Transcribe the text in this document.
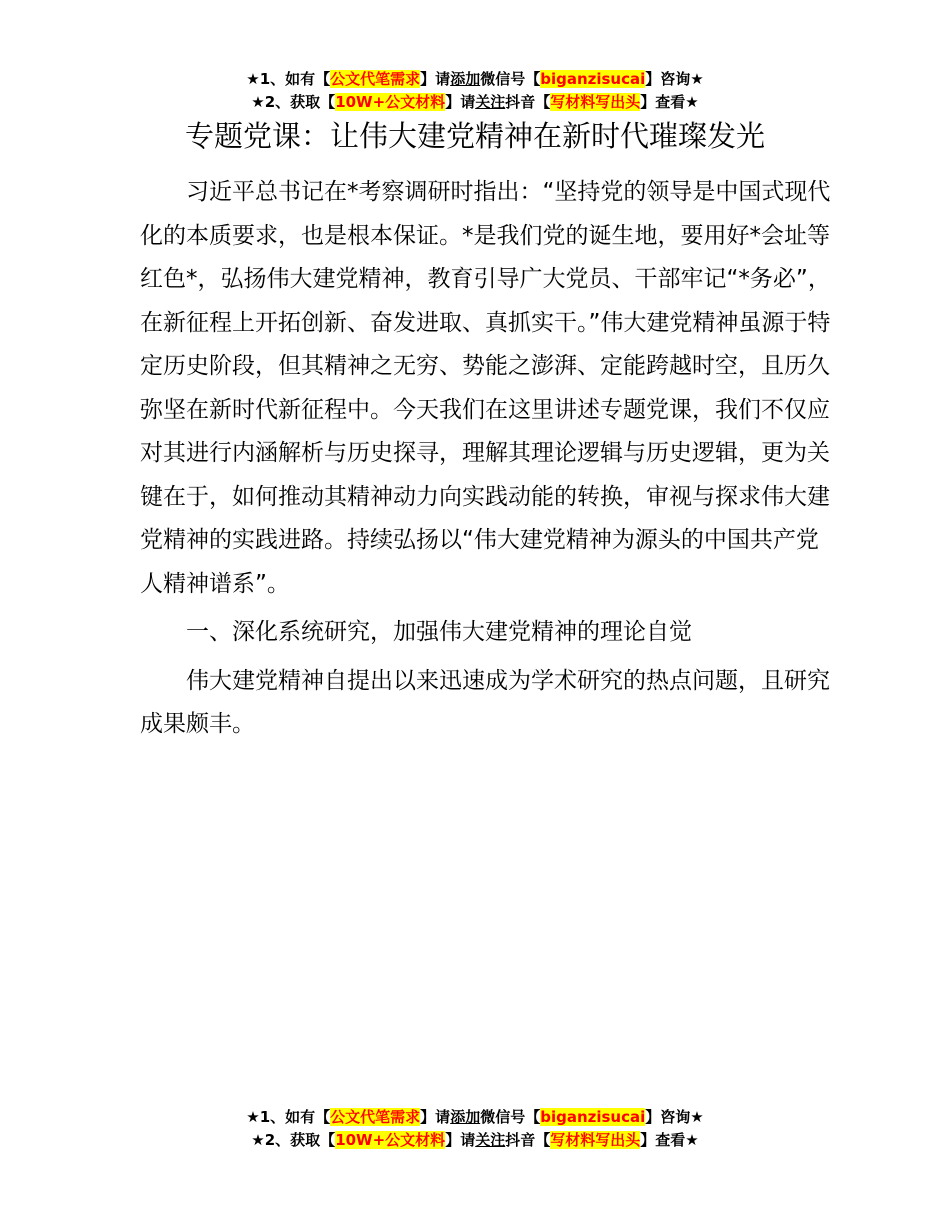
★1、如有【公文代笔需求】请添加微信号【biganzisucai】咨询★
★2、获取【10W+公文材料】请关注抖音【写材料写出头】查看★
专题党课：让伟大建党精神在新时代璀璨发光

习近平总书记在*考察调研时指出：“坚持党的领导是中国式现代化的本质要求，也是根本保证。*是我们党的诞生地，要用好*会址等红色*，弘扬伟大建党精神，教育引导广大党员、干部牢记“*务必”，在新征程上开拓创新、奋发进取、真抓实干。”伟大建党精神虽源于特定历史阶段，但其精神之无穷、势能之澎湃、定能跨越时空，且历久弥坚在新时代新征程中。今天我们在这里讲述专题党课，我们不仅应对其进行内涵解析与历史探寻，理解其理论逻辑与历史逻辑，更为关键在于，如何推动其精神动力向实践动能的转换，审视与探求伟大建党精神的实践进路。持续弘扬以“伟大建党精神为源头的中国共产党人精神谱系”。

一、深化系统研究，加强伟大建党精神的理论自觉

伟大建党精神自提出以来迅速成为学术研究的热点问题，且研究成果颇丰。

★1、如有【公文代笔需求】请添加微信号【biganzisucai】咨询★
★2、获取【10W+公文材料】请关注抖音【写材料写出头】查看★
